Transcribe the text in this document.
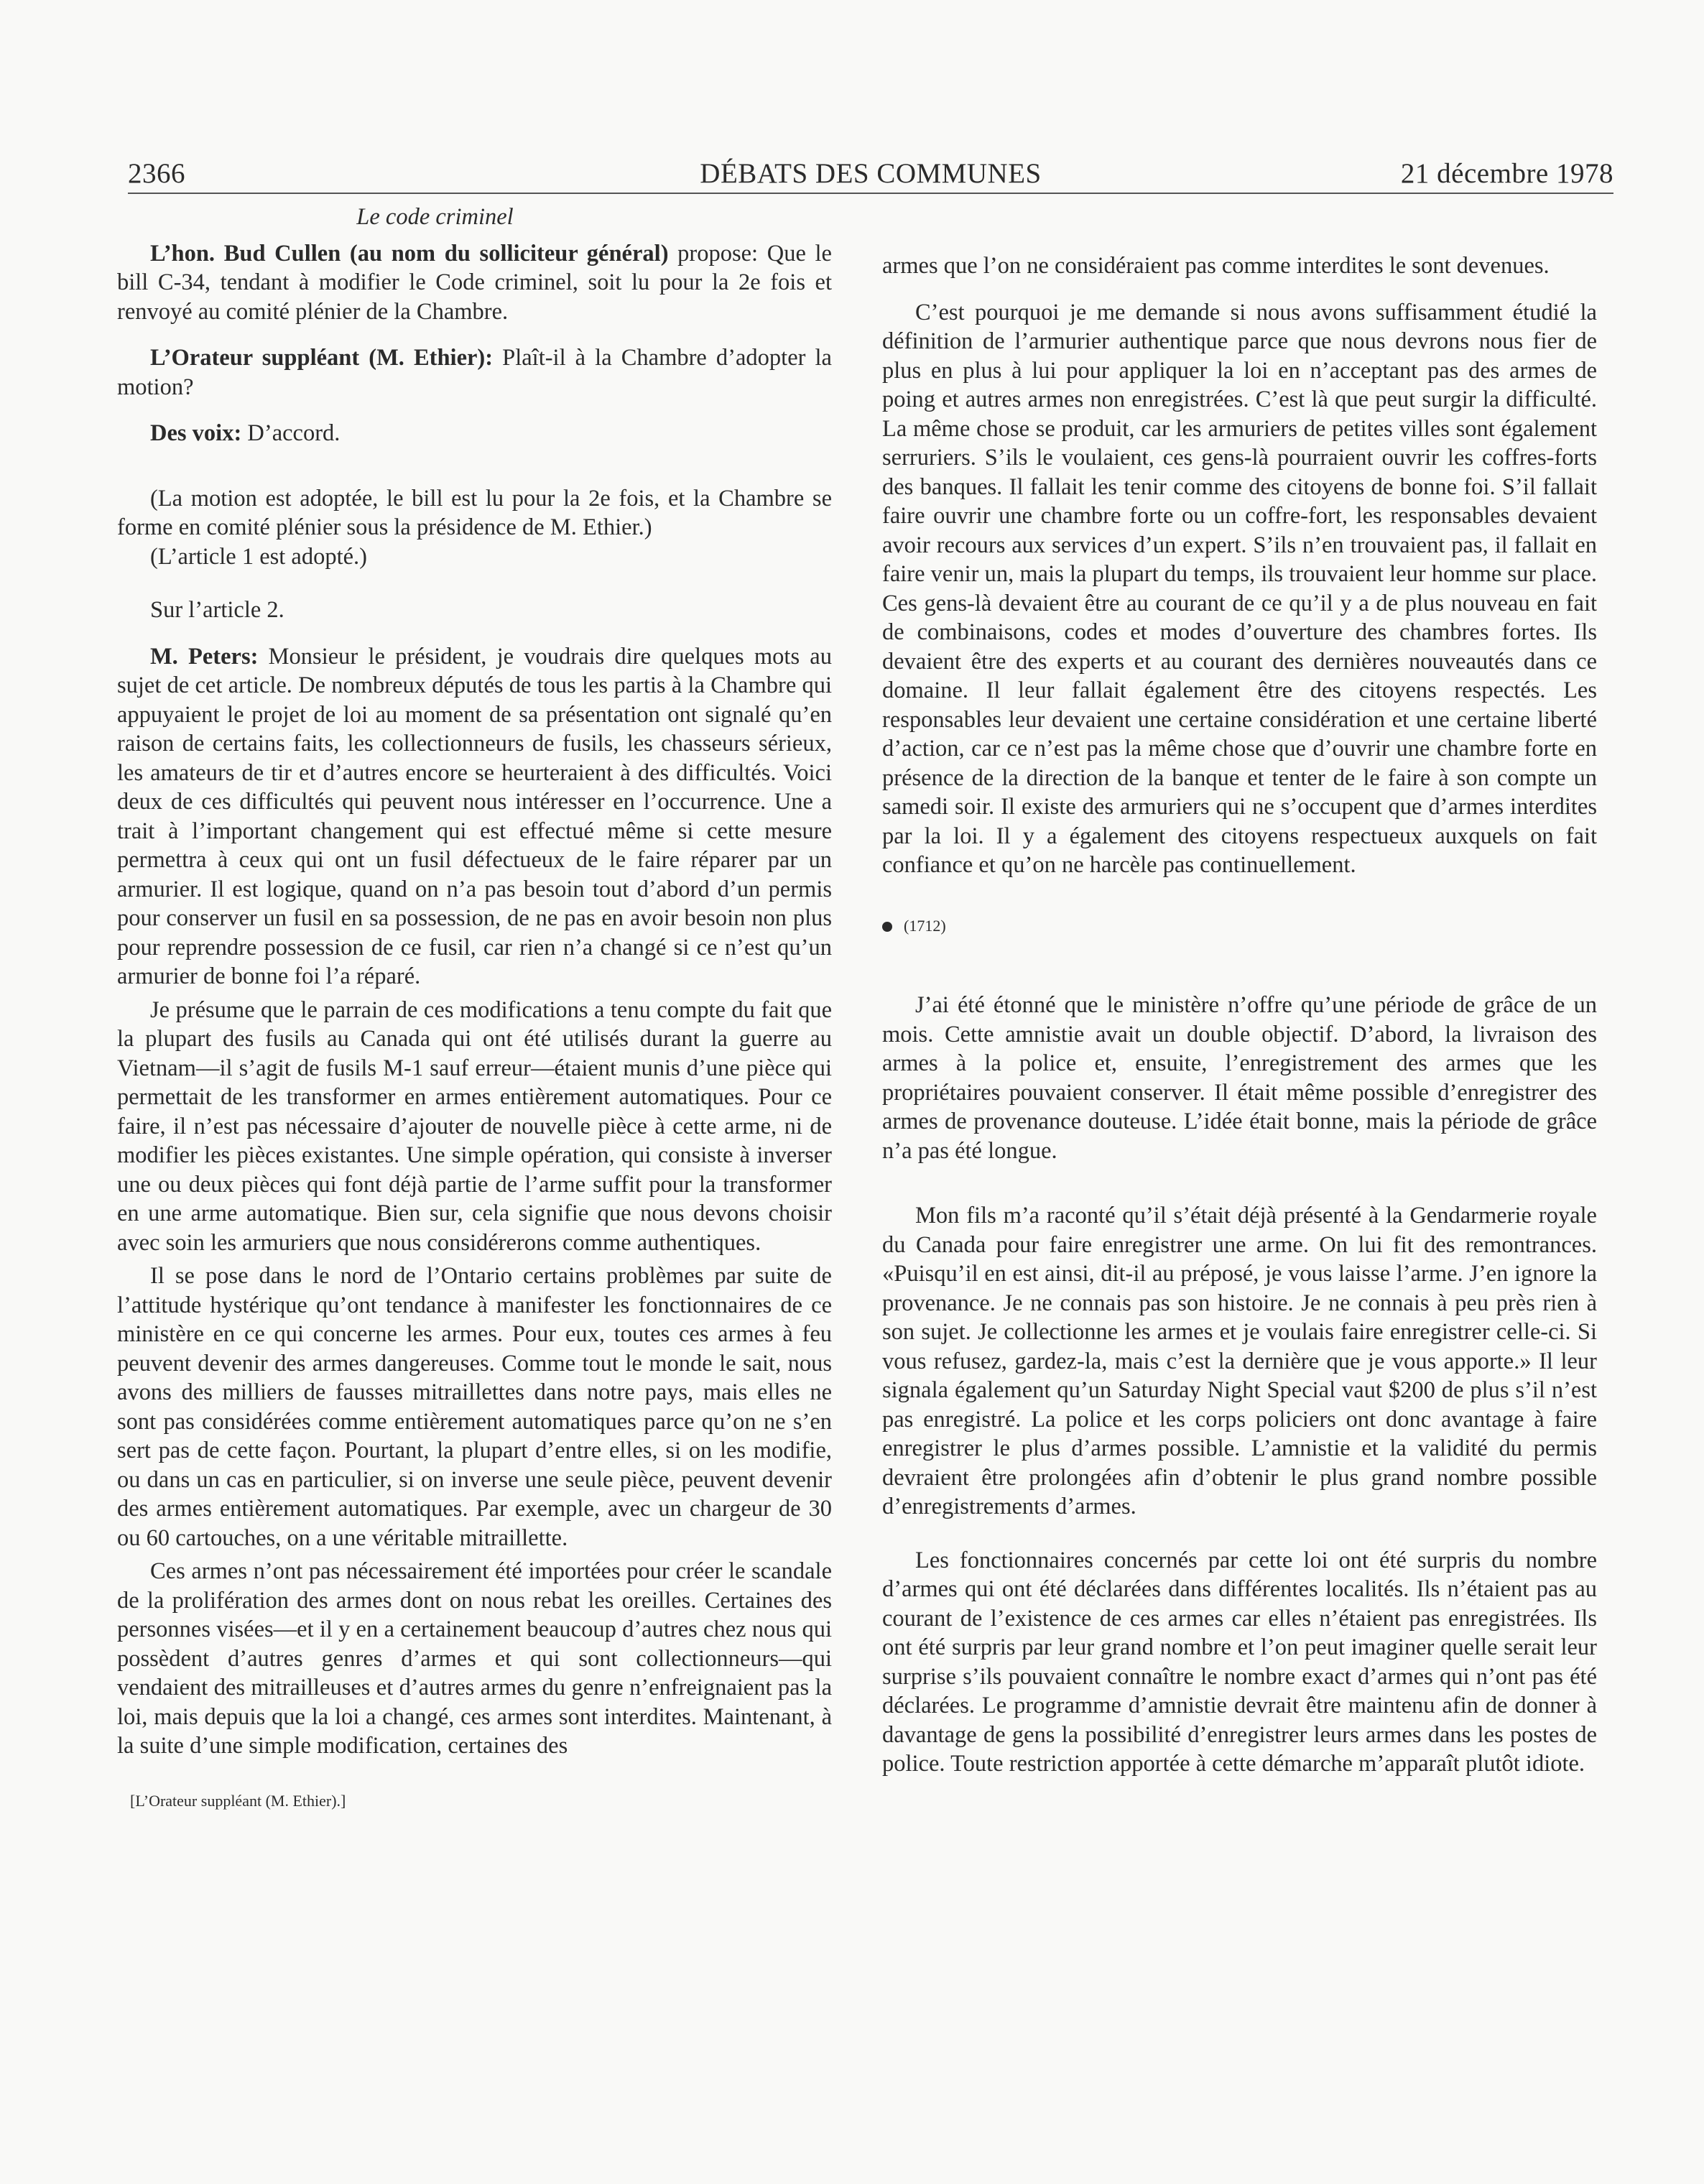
2366	DÉBATS DES COMMUNES	21 décembre 1978

Le code criminel

L’hon. Bud Cullen (au nom du solliciteur général) propose: Que le bill C-34, tendant à modifier le Code criminel, soit lu pour la 2e fois et renvoyé au comité plénier de la Chambre.

L’Orateur suppléant (M. Ethier): Plaît-il à la Chambre d’adopter la motion?

Des voix: D’accord.

(La motion est adoptée, le bill est lu pour la 2e fois, et la Chambre se forme en comité plénier sous la présidence de M. Ethier.)

(L’article 1 est adopté.)

Sur l’article 2.

M. Peters: Monsieur le président, je voudrais dire quelques mots au sujet de cet article. De nombreux députés de tous les partis à la Chambre qui appuyaient le projet de loi au moment de sa présentation ont signalé qu’en raison de certains faits, les collectionneurs de fusils, les chasseurs sérieux, les amateurs de tir et d’autres encore se heurteraient à des difficultés. Voici deux de ces difficultés qui peuvent nous intéresser en l’occurrence. Une a trait à l’important changement qui est effectué même si cette mesure permettra à ceux qui ont un fusil défectueux de le faire réparer par un armurier. Il est logique, quand on n’a pas besoin tout d’abord d’un permis pour conserver un fusil en sa possession, de ne pas en avoir besoin non plus pour reprendre possession de ce fusil, car rien n’a changé si ce n’est qu’un armurier de bonne foi l’a réparé.

Je présume que le parrain de ces modifications a tenu compte du fait que la plupart des fusils au Canada qui ont été utilisés durant la guerre au Vietnam—il s’agit de fusils M-1 sauf erreur—étaient munis d’une pièce qui permettait de les transformer en armes entièrement automatiques. Pour ce faire, il n’est pas nécessaire d’ajouter de nouvelle pièce à cette arme, ni de modifier les pièces existantes. Une simple opération, qui consiste à inverser une ou deux pièces qui font déjà partie de l’arme suffit pour la transformer en une arme automatique. Bien sur, cela signifie que nous devons choisir avec soin les armuriers que nous considérerons comme authentiques.

Il se pose dans le nord de l’Ontario certains problèmes par suite de l’attitude hystérique qu’ont tendance à manifester les fonctionnaires de ce ministère en ce qui concerne les armes. Pour eux, toutes ces armes à feu peuvent devenir des armes dangereuses. Comme tout le monde le sait, nous avons des milliers de fausses mitraillettes dans notre pays, mais elles ne sont pas considérées comme entièrement automatiques parce qu’on ne s’en sert pas de cette façon. Pourtant, la plupart d’entre elles, si on les modifie, ou dans un cas en particulier, si on inverse une seule pièce, peuvent devenir des armes entièrement automatiques. Par exemple, avec un chargeur de 30 ou 60 cartouches, on a une véritable mitraillette.

Ces armes n’ont pas nécessairement été importées pour créer le scandale de la prolifération des armes dont on nous rebat les oreilles. Certaines des personnes visées—et il y en a certainement beaucoup d’autres chez nous qui possèdent d’autres genres d’armes et qui sont collectionneurs—qui vendaient des mitrailleuses et d’autres armes du genre n’enfreignaient pas la loi, mais depuis que la loi a changé, ces armes sont interdites. Maintenant, à la suite d’une simple modification, certaines des

[L’Orateur suppléant (M. Ethier).]

armes que l’on ne considéraient pas comme interdites le sont devenues.

C’est pourquoi je me demande si nous avons suffisamment étudié la définition de l’armurier authentique parce que nous devrons nous fier de plus en plus à lui pour appliquer la loi en n’acceptant pas des armes de poing et autres armes non enregistrées. C’est là que peut surgir la difficulté. La même chose se produit, car les armuriers de petites villes sont également serruriers. S’ils le voulaient, ces gens-là pourraient ouvrir les coffres-forts des banques. Il fallait les tenir comme des citoyens de bonne foi. S’il fallait faire ouvrir une chambre forte ou un coffre-fort, les responsables devaient avoir recours aux services d’un expert. S’ils n’en trouvaient pas, il fallait en faire venir un, mais la plupart du temps, ils trouvaient leur homme sur place. Ces gens-là devaient être au courant de ce qu’il y a de plus nouveau en fait de combinaisons, codes et modes d’ouverture des chambres fortes. Ils devaient être des experts et au courant des dernières nouveautés dans ce domaine. Il leur fallait également être des citoyens respectés. Les responsables leur devaient une certaine considération et une certaine liberté d’action, car ce n’est pas la même chose que d’ouvrir une chambre forte en présence de la direction de la banque et tenter de le faire à son compte un samedi soir. Il existe des armuriers qui ne s’occupent que d’armes interdites par la loi. Il y a également des citoyens respectueux auxquels on fait confiance et qu’on ne harcèle pas continuellement.

(1712)

J’ai été étonné que le ministère n’offre qu’une période de grâce de un mois. Cette amnistie avait un double objectif. D’abord, la livraison des armes à la police et, ensuite, l’enregistrement des armes que les propriétaires pouvaient conserver. Il était même possible d’enregistrer des armes de provenance douteuse. L’idée était bonne, mais la période de grâce n’a pas été longue.

Mon fils m’a raconté qu’il s’était déjà présenté à la Gendarmerie royale du Canada pour faire enregistrer une arme. On lui fit des remontrances. «Puisqu’il en est ainsi, dit-il au préposé, je vous laisse l’arme. J’en ignore la provenance. Je ne connais pas son histoire. Je ne connais à peu près rien à son sujet. Je collectionne les armes et je voulais faire enregistrer celle-ci. Si vous refusez, gardez-la, mais c’est la dernière que je vous apporte.» Il leur signala également qu’un Saturday Night Special vaut $200 de plus s’il n’est pas enregistré. La police et les corps policiers ont donc avantage à faire enregistrer le plus d’armes possible. L’amnistie et la validité du permis devraient être prolongées afin d’obtenir le plus grand nombre possible d’enregistrements d’armes.

Les fonctionnaires concernés par cette loi ont été surpris du nombre d’armes qui ont été déclarées dans différentes localités. Ils n’étaient pas au courant de l’existence de ces armes car elles n’étaient pas enregistrées. Ils ont été surpris par leur grand nombre et l’on peut imaginer quelle serait leur surprise s’ils pouvaient connaître le nombre exact d’armes qui n’ont pas été déclarées. Le programme d’amnistie devrait être maintenu afin de donner à davantage de gens la possibilité d’enregistrer leurs armes dans les postes de police. Toute restriction apportée à cette démarche m’apparaît plutôt idiote.
